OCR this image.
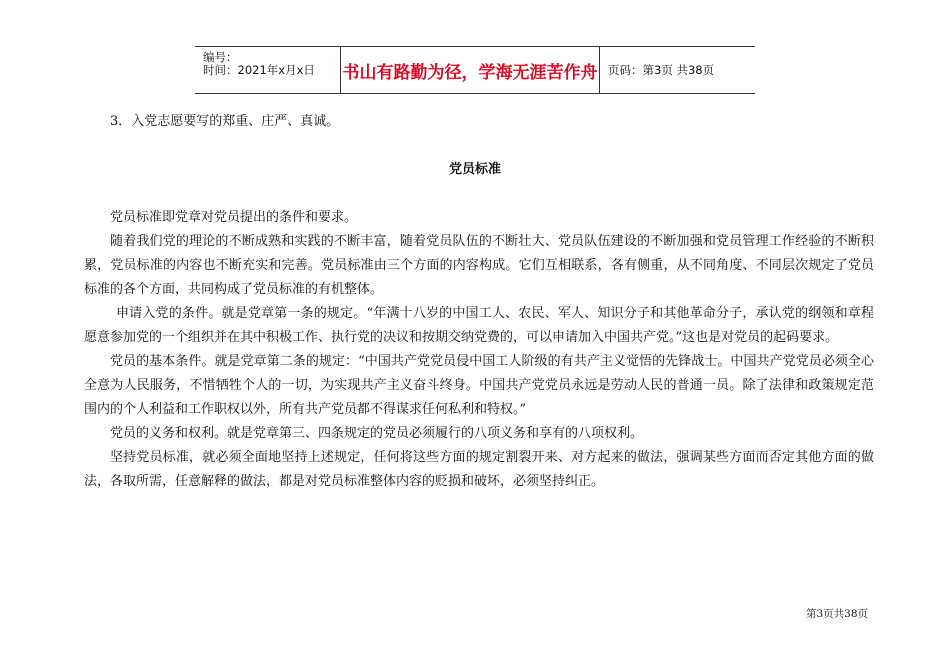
编号：
时间：2021年x月x日	书山有路勤为径，学海无涯苦作舟 页码：第3页 共38页
3．入党志愿要写的郑重、庄严、真诚。
党员标准

党员标准即党章对党员提出的条件和要求。

随着我们党的理论的不断成熟和实践的不断丰富，随着党员队伍的不断壮大、党员队伍建设的不断加强和党员管理工作经验的不断积累，党员标准的内容也不断充实和完善。党员标准由三个方面的内容构成。它们互相联系，各有侧重，从不同角度、不同层次规定了党员标准的各个方面，共同构成了党员标准的有机整体。

申请入党的条件。就是党章第一条的规定。“年满十八岁的中国工人、农民、军人、知识分子和其他革命分子，承认党的纲领和章程愿意参加党的一个组织并在其中积极工作、执行党的决议和按期交纳党费的，可以申请加入中国共产党。”这也是对党员的起码要求。

党员的基本条件。就是党章第二条的规定：“中国共产党党员侵中国工人阶级的有共产主义觉悟的先锋战士。中国共产党党员必须全心全意为人民服务，不惜牺牲个人的一切，为实现共产主义奋斗终身。中国共产党党员永远是劳动人民的普通一员。除了法律和政策规定范围内的个人利益和工作职权以外，所有共产党员都不得谋求任何私利和特权。”

党员的义务和权利。就是党章第三、四条规定的党员必须履行的八项义务和享有的八项权利。

坚持党员标准，就必须全面地坚持上述规定，任何将这些方面的规定割裂开来、对方起来的做法，强调某些方面而否定其他方面的做法，各取所需，任意解释的做法，都是对党员标准整体内容的贬损和破坏，必须坚持纠正。

第3页共38页
